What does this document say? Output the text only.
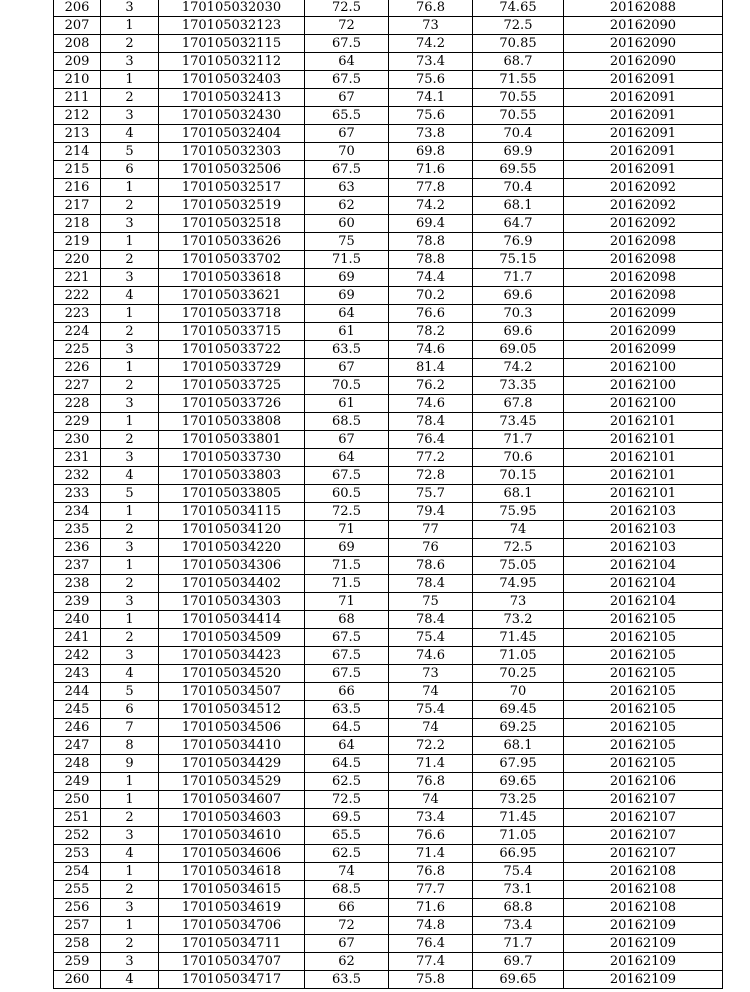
206	3	170105032030	72.5	76.8	74.65	20162088
207	1	170105032123	72	73	72.5	20162090
208	2	170105032115	67.5	74.2	70.85	20162090
209	3	170105032112	64	73.4	68.7	20162090
210	1	170105032403	67.5	75.6	71.55	20162091
211	2	170105032413	67	74.1	70.55	20162091
212	3	170105032430	65.5	75.6	70.55	20162091
213	4	170105032404	67	73.8	70.4	20162091
214	5	170105032303	70	69.8	69.9	20162091
215	6	170105032506	67.5	71.6	69.55	20162091
216	1	170105032517	63	77.8	70.4	20162092
217	2	170105032519	62	74.2	68.1	20162092
218	3	170105032518	60	69.4	64.7	20162092
219	1	170105033626	75	78.8	76.9	20162098
220	2	170105033702	71.5	78.8	75.15	20162098
221	3	170105033618	69	74.4	71.7	20162098
222	4	170105033621	69	70.2	69.6	20162098
223	1	170105033718	64	76.6	70.3	20162099
224	2	170105033715	61	78.2	69.6	20162099
225	3	170105033722	63.5	74.6	69.05	20162099
226	1	170105033729	67	81.4	74.2	20162100
227	2	170105033725	70.5	76.2	73.35	20162100
228	3	170105033726	61	74.6	67.8	20162100
229	1	170105033808	68.5	78.4	73.45	20162101
230	2	170105033801	67	76.4	71.7	20162101
231	3	170105033730	64	77.2	70.6	20162101
232	4	170105033803	67.5	72.8	70.15	20162101
233	5	170105033805	60.5	75.7	68.1	20162101
234	1	170105034115	72.5	79.4	75.95	20162103
235	2	170105034120	71	77	74	20162103
236	3	170105034220	69	76	72.5	20162103
237	1	170105034306	71.5	78.6	75.05	20162104
238	2	170105034402	71.5	78.4	74.95	20162104
239	3	170105034303	71	75	73	20162104
240	1	170105034414	68	78.4	73.2	20162105
241	2	170105034509	67.5	75.4	71.45	20162105
242	3	170105034423	67.5	74.6	71.05	20162105
243	4	170105034520	67.5	73	70.25	20162105
244	5	170105034507	66	74	70	20162105
245	6	170105034512	63.5	75.4	69.45	20162105
246	7	170105034506	64.5	74	69.25	20162105
247	8	170105034410	64	72.2	68.1	20162105
248	9	170105034429	64.5	71.4	67.95	20162105
249	1	170105034529	62.5	76.8	69.65	20162106
250	1	170105034607	72.5	74	73.25	20162107
251	2	170105034603	69.5	73.4	71.45	20162107
252	3	170105034610	65.5	76.6	71.05	20162107
253	4	170105034606	62.5	71.4	66.95	20162107
254	1	170105034618	74	76.8	75.4	20162108
255	2	170105034615	68.5	77.7	73.1	20162108
256	3	170105034619	66	71.6	68.8	20162108
257	1	170105034706	72	74.8	73.4	20162109
258	2	170105034711	67	76.4	71.7	20162109
259	3	170105034707	62	77.4	69.7	20162109
260	4	170105034717	63.5	75.8	69.65	20162109
